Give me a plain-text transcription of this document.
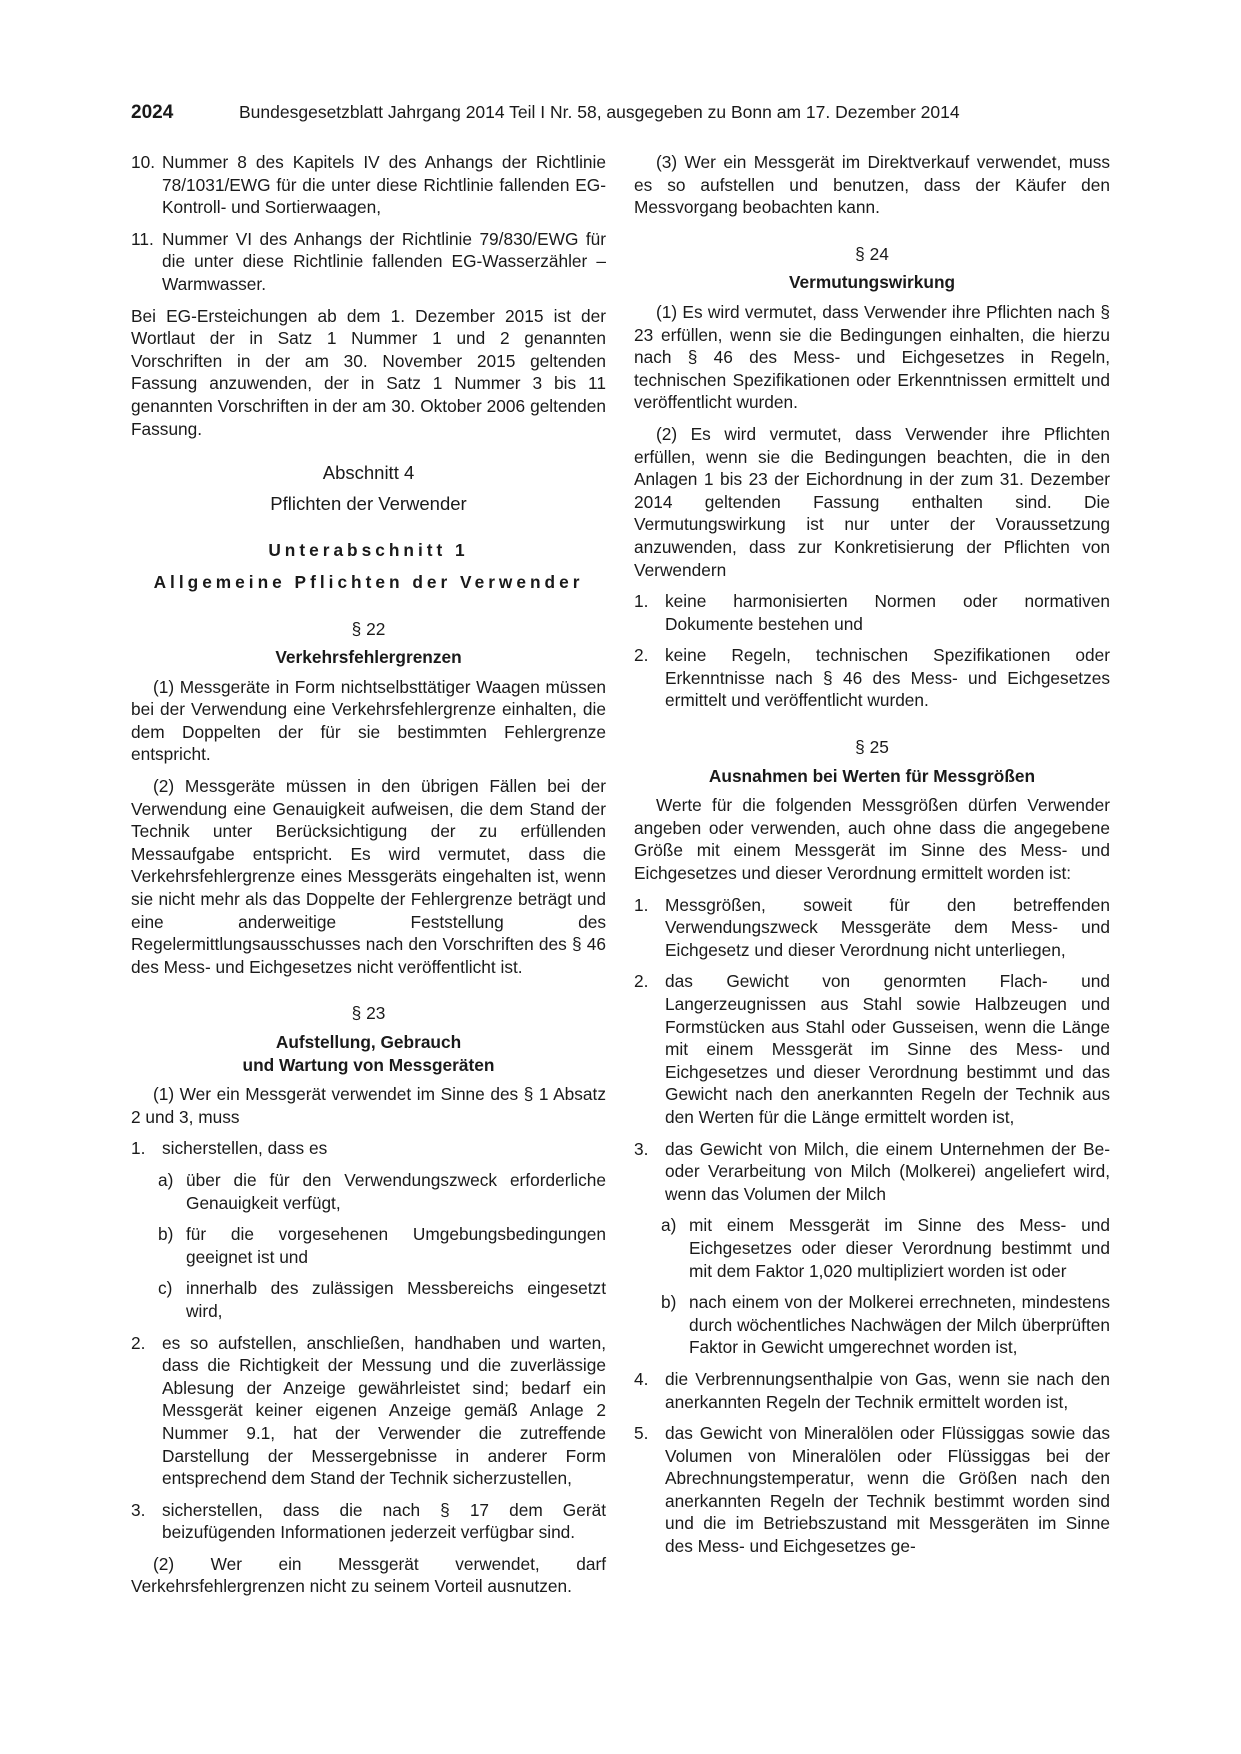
2024	Bundesgesetzblatt Jahrgang 2014 Teil I Nr. 58, ausgegeben zu Bonn am 17. Dezember 2014
10. Nummer 8 des Kapitels IV des Anhangs der Richtlinie 78/1031/EWG für die unter diese Richtlinie fallenden EG-Kontroll- und Sortierwaagen,
11. Nummer VI des Anhangs der Richtlinie 79/830/EWG für die unter diese Richtlinie fallenden EG-Wasserzähler – Warmwasser.

Bei EG-Ersteichungen ab dem 1. Dezember 2015 ist der Wortlaut der in Satz 1 Nummer 1 und 2 genannten Vorschriften in der am 30. November 2015 geltenden Fassung anzuwenden, der in Satz 1 Nummer 3 bis 11 genannten Vorschriften in der am 30. Oktober 2006 geltenden Fassung.

Abschnitt 4
Pflichten der Verwender
Unterabschnitt 1
Allgemeine Pflichten der Verwender
§ 22
Verkehrsfehlergrenzen

(1) Messgeräte in Form nichtselbsttätiger Waagen müssen bei der Verwendung eine Verkehrsfehlergrenze einhalten, die dem Doppelten der für sie bestimmten Fehlergrenze entspricht.

(2) Messgeräte müssen in den übrigen Fällen bei der Verwendung eine Genauigkeit aufweisen, die dem Stand der Technik unter Berücksichtigung der zu erfüllenden Messaufgabe entspricht. Es wird vermutet, dass die Verkehrsfehlergrenze eines Messgeräts eingehalten ist, wenn sie nicht mehr als das Doppelte der Fehlergrenze beträgt und eine anderweitige Feststellung des Regelermittlungsausschusses nach den Vorschriften des § 46 des Mess- und Eichgesetzes nicht veröffentlicht ist.

§ 23
Aufstellung, Gebrauch
und Wartung von Messgeräten

(1) Wer ein Messgerät verwendet im Sinne des § 1 Absatz 2 und 3, muss

1. sicherstellen, dass es
a) über die für den Verwendungszweck erforderliche Genauigkeit verfügt,
b) für die vorgesehenen Umgebungsbedingungen geeignet ist und
c) innerhalb des zulässigen Messbereichs eingesetzt wird,
2. es so aufstellen, anschließen, handhaben und warten, dass die Richtigkeit der Messung und die zuverlässige Ablesung der Anzeige gewährleistet sind; bedarf ein Messgerät keiner eigenen Anzeige gemäß Anlage 2 Nummer 9.1, hat der Verwender die zutreffende Darstellung der Messergebnisse in anderer Form entsprechend dem Stand der Technik sicherzustellen,
3. sicherstellen, dass die nach § 17 dem Gerät beizufügenden Informationen jederzeit verfügbar sind.

(2) Wer ein Messgerät verwendet, darf Verkehrsfehlergrenzen nicht zu seinem Vorteil ausnutzen.

(3) Wer ein Messgerät im Direktverkauf verwendet, muss es so aufstellen und benutzen, dass der Käufer den Messvorgang beobachten kann.

§ 24
Vermutungswirkung

(1) Es wird vermutet, dass Verwender ihre Pflichten nach § 23 erfüllen, wenn sie die Bedingungen einhalten, die hierzu nach § 46 des Mess- und Eichgesetzes in Regeln, technischen Spezifikationen oder Erkenntnissen ermittelt und veröffentlicht wurden.

(2) Es wird vermutet, dass Verwender ihre Pflichten erfüllen, wenn sie die Bedingungen beachten, die in den Anlagen 1 bis 23 der Eichordnung in der zum 31. Dezember 2014 geltenden Fassung enthalten sind. Die Vermutungswirkung ist nur unter der Voraussetzung anzuwenden, dass zur Konkretisierung der Pflichten von Verwendern

1. keine harmonisierten Normen oder normativen Dokumente bestehen und
2. keine Regeln, technischen Spezifikationen oder Erkenntnisse nach § 46 des Mess- und Eichgesetzes ermittelt und veröffentlicht wurden.
§ 25
Ausnahmen bei Werten für Messgrößen

Werte für die folgenden Messgrößen dürfen Verwender angeben oder verwenden, auch ohne dass die angegebene Größe mit einem Messgerät im Sinne des Mess- und Eichgesetzes und dieser Verordnung ermittelt worden ist:

1. Messgrößen, soweit für den betreffenden Verwendungszweck Messgeräte dem Mess- und Eichgesetz und dieser Verordnung nicht unterliegen,
2. das Gewicht von genormten Flach- und Langerzeugnissen aus Stahl sowie Halbzeugen und Formstücken aus Stahl oder Gusseisen, wenn die Länge mit einem Messgerät im Sinne des Mess- und Eichgesetzes und dieser Verordnung bestimmt und das Gewicht nach den anerkannten Regeln der Technik aus den Werten für die Länge ermittelt worden ist,
3. das Gewicht von Milch, die einem Unternehmen der Be- oder Verarbeitung von Milch (Molkerei) angeliefert wird, wenn das Volumen der Milch
a) mit einem Messgerät im Sinne des Mess- und Eichgesetzes oder dieser Verordnung bestimmt und mit dem Faktor 1,020 multipliziert worden ist oder
b) nach einem von der Molkerei errechneten, mindestens durch wöchentliches Nachwägen der Milch überprüften Faktor in Gewicht umgerechnet worden ist,
4. die Verbrennungsenthalpie von Gas, wenn sie nach den anerkannten Regeln der Technik ermittelt worden ist,
5. das Gewicht von Mineralölen oder Flüssiggas sowie das Volumen von Mineralölen oder Flüssiggas bei der Abrechnungstemperatur, wenn die Größen nach den anerkannten Regeln der Technik bestimmt worden sind und die im Betriebszustand mit Messgeräten im Sinne des Mess- und Eichgesetzes ge-
